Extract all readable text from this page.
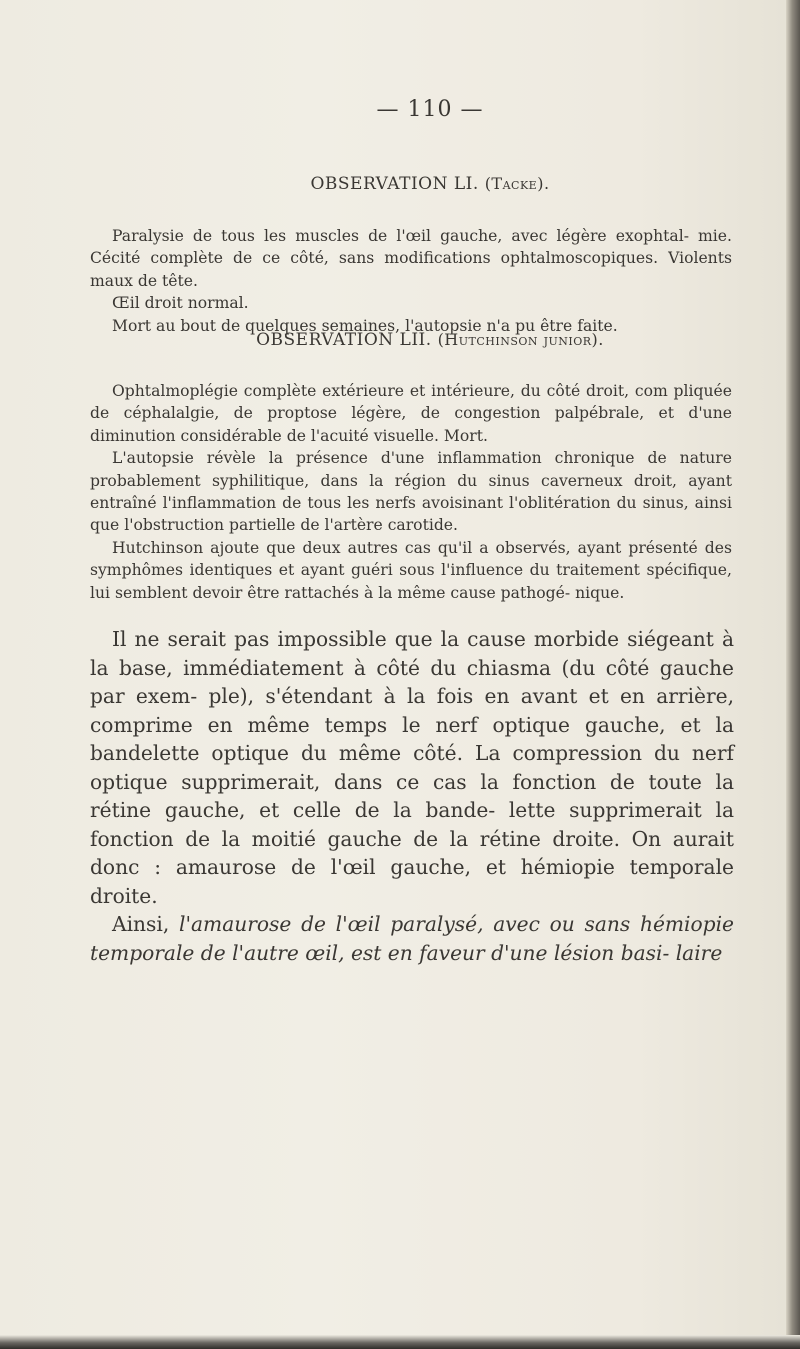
— 110 —
OBSERVATION LI. (Tacke).

Paralysie de tous les muscles de l'œil gauche, avec légère exophtal- mie. Cécité complète de ce côté, sans modifications ophtalmoscopiques. Violents maux de tête.

Œil droit normal.

Mort au bout de quelques semaines, l'autopsie n'a pu être faite.

OBSERVATION LII. (Hutchinson junior).

Ophtalmoplégie complète extérieure et intérieure, du côté droit, com pliquée de céphalalgie, de proptose légère, de congestion palpébrale, et d'une diminution considérable de l'acuité visuelle. Mort.

L'autopsie révèle la présence d'une inflammation chronique de nature probablement syphilitique, dans la région du sinus caverneux droit, ayant entraîné l'inflammation de tous les nerfs avoisinant l'oblitération du sinus, ainsi que l'obstruction partielle de l'artère carotide.

Hutchinson ajoute que deux autres cas qu'il a observés, ayant présenté des symphômes identiques et ayant guéri sous l'influence du traitement spécifique, lui semblent devoir être rattachés à la même cause pathogé- nique.

Il ne serait pas impossible que la cause morbide siégeant à la base, immédiatement à côté du chiasma (du côté gauche par exem- ple), s'étendant à la fois en avant et en arrière, comprime en même temps le nerf optique gauche, et la bandelette optique du même côté. La compression du nerf optique supprimerait, dans ce cas la fonction de toute la rétine gauche, et celle de la bande- lette supprimerait la fonction de la moitié gauche de la rétine droite. On aurait donc : amaurose de l'œil gauche, et hémiopie temporale droite.

Ainsi, l'amaurose de l'œil paralysé, avec ou sans hémiopie temporale de l'autre œil, est en faveur d'une lésion basi- laire
